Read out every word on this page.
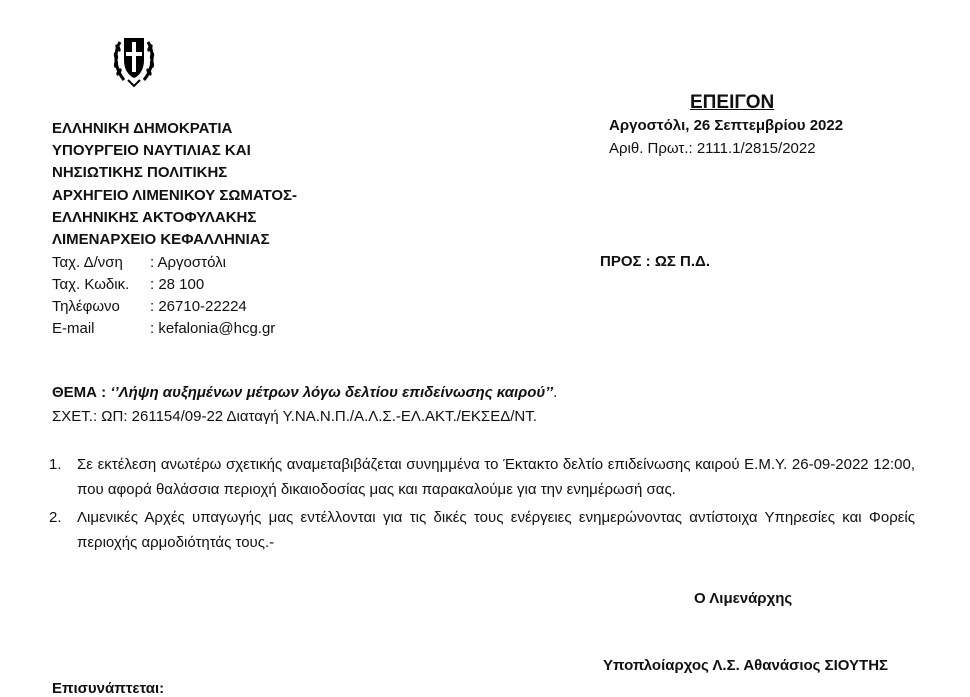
ΕΠΕΙΓΟΝ
ΕΛΛΗΝΙΚΗ ΔΗΜΟΚΡΑΤΙΑ
ΥΠΟΥΡΓΕΙΟ ΝΑΥΤΙΛΙΑΣ ΚΑΙ
ΝΗΣΙΩΤΙΚΗΣ ΠΟΛΙΤΙΚΗΣ
ΑΡΧΗΓΕΙΟ ΛΙΜΕΝΙΚΟΥ ΣΩΜΑΤΟΣ-
ΕΛΛΗΝΙΚΗΣ ΑΚΤΟΦΥΛΑΚΗΣ
ΛΙΜΕΝΑΡΧΕΙΟ ΚΕΦΑΛΛΗΝΙΑΣ
Ταχ. Δ/νση	: Αργοστόλι
Ταχ. Κωδικ.	: 28 100
Τηλέφωνο	: 26710-22224
E-mail	: kefalonia@hcg.gr
Αργοστόλι, 26 Σεπτεμβρίου 2022
Αριθ. Πρωτ.: 2111.1/2815/2022
ΠΡΟΣ : ΩΣ Π.Δ.
ΘΕΜΑ : ‘’Λήψη αυξημένων μέτρων λόγω δελτίου επιδείνωσης καιρού’’.
ΣΧΕΤ.: ΩΠ: 261154/09-22 Διαταγή Υ.ΝΑ.Ν.Π./Α.Λ.Σ.-ΕΛ.ΑΚΤ./ΕΚΣΕΔ/ΝΤ.
1. Σε εκτέλεση ανωτέρω σχετικής αναμεταβιβάζεται συνημμένα το Έκτακτο δελτίο επιδείνωσης καιρού Ε.Μ.Υ. 26-09-2022 12:00, που αφορά θαλάσσια περιοχή δικαιοδοσίας μας και παρακαλούμε για την ενημέρωσή σας.
2. Λιμενικές Αρχές υπαγωγής μας εντέλλονται για τις δικές τους ενέργειες ενημερώνοντας αντίστοιχα Υπηρεσίες και Φορείς περιοχής αρμοδιότητάς τους.-
Ο Λιμενάρχης
Υποπλοίαρχος Λ.Σ. Αθανάσιος ΣΙΟΥΤΗΣ
Επισυνάπτεται:
